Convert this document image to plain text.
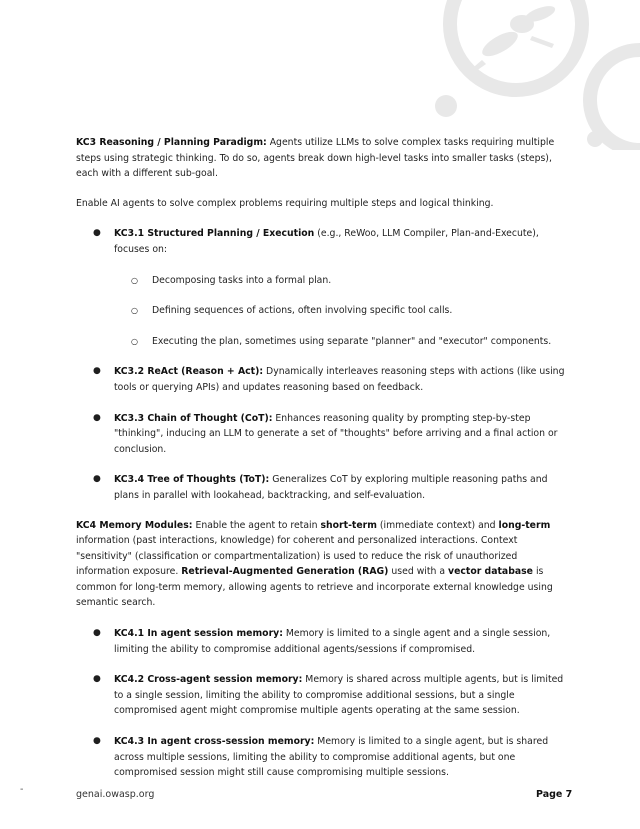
KC3 Reasoning / Planning Paradigm: Agents utilize LLMs to solve complex tasks requiring multiple steps using strategic thinking. To do so, agents break down high-level tasks into smaller tasks (steps), each with a different sub-goal.

Enable AI agents to solve complex problems requiring multiple steps and logical thinking.

● KC3.1 Structured Planning / Execution (e.g., ReWoo, LLM Compiler, Plan-and-Execute), focuses on:
○ Decomposing tasks into a formal plan.
○ Defining sequences of actions, often involving specific tool calls.
○ Executing the plan, sometimes using separate "planner" and "executor" components.
● KC3.2 ReAct (Reason + Act): Dynamically interleaves reasoning steps with actions (like using tools or querying APIs) and updates reasoning based on feedback.
● KC3.3 Chain of Thought (CoT): Enhances reasoning quality by prompting step-by-step "thinking", inducing an LLM to generate a set of "thoughts" before arriving and a final action or conclusion.
● KC3.4 Tree of Thoughts (ToT): Generalizes CoT by exploring multiple reasoning paths and plans in parallel with lookahead, backtracking, and self-evaluation.

KC4 Memory Modules: Enable the agent to retain short-term (immediate context) and long-term information (past interactions, knowledge) for coherent and personalized interactions. Context "sensitivity" (classification or compartmentalization) is used to reduce the risk of unauthorized information exposure. Retrieval-Augmented Generation (RAG) used with a vector database is common for long-term memory, allowing agents to retrieve and incorporate external knowledge using semantic search.

● KC4.1 In agent session memory: Memory is limited to a single agent and a single session, limiting the ability to compromise additional agents/sessions if compromised.
● KC4.2 Cross-agent session memory: Memory is shared across multiple agents, but is limited to a single session, limiting the ability to compromise additional sessions, but a single compromised agent might compromise multiple agents operating at the same session.
● KC4.3 In agent cross-session memory: Memory is limited to a single agent, but is shared across multiple sessions, limiting the ability to compromise additional agents, but one compromised session might still cause compromising multiple sessions.
-	genai.owasp.org	Page 7
